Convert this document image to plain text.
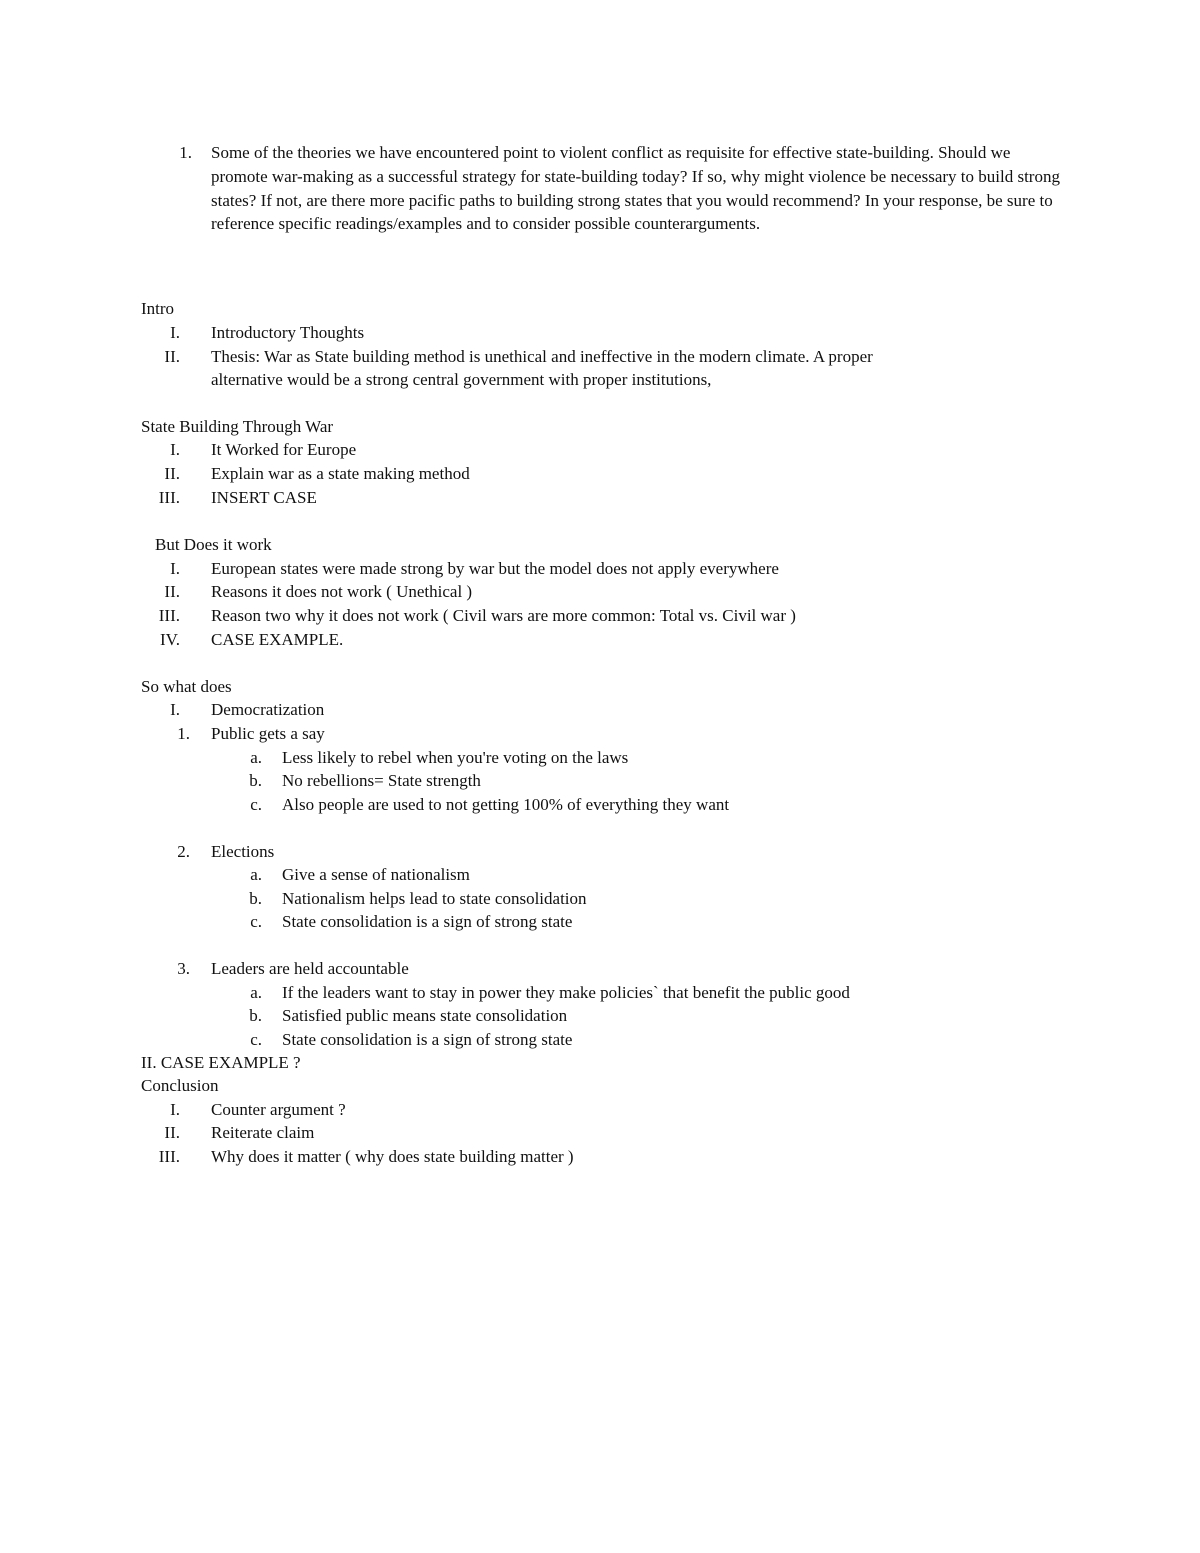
1. Some of the theories we have encountered point to violent conflict as requisite for effective state-building. Should we promote war-making as a successful strategy for state-building today? If so, why might violence be necessary to build strong states? If not, are there more pacific paths to building strong states that you would recommend? In your response, be sure to reference specific readings/examples and to consider possible counterarguments.
Intro
I. Introductory Thoughts
II. Thesis: War as State building method is unethical and ineffective in the modern climate. A proper
alternative would be a strong central government with proper institutions,
State Building Through War
I. It Worked for Europe
II. Explain war as a state making method
III. INSERT CASE
But Does it work
I. European states were made strong by war but the model does not apply everywhere
II. Reasons it does not work ( Unethical )
III. Reason two why it does not work ( Civil wars are more common: Total vs. Civil war )
IV. CASE EXAMPLE.
So what does
I. Democratization
1. Public gets a say
a. Less likely to rebel when you're voting on the laws
b. No rebellions= State strength
c. Also people are used to not getting 100% of everything they want
2. Elections
a. Give a sense of nationalism
b. Nationalism helps lead to state consolidation
c. State consolidation is a sign of strong state
3. Leaders are held accountable
a. If the leaders want to stay in power they make policies` that benefit the public good
b. Satisfied public means state consolidation
c. State consolidation is a sign of strong state
II. CASE EXAMPLE ?
Conclusion
I. Counter argument ?
II. Reiterate claim
III. Why does it matter ( why does state building matter )
